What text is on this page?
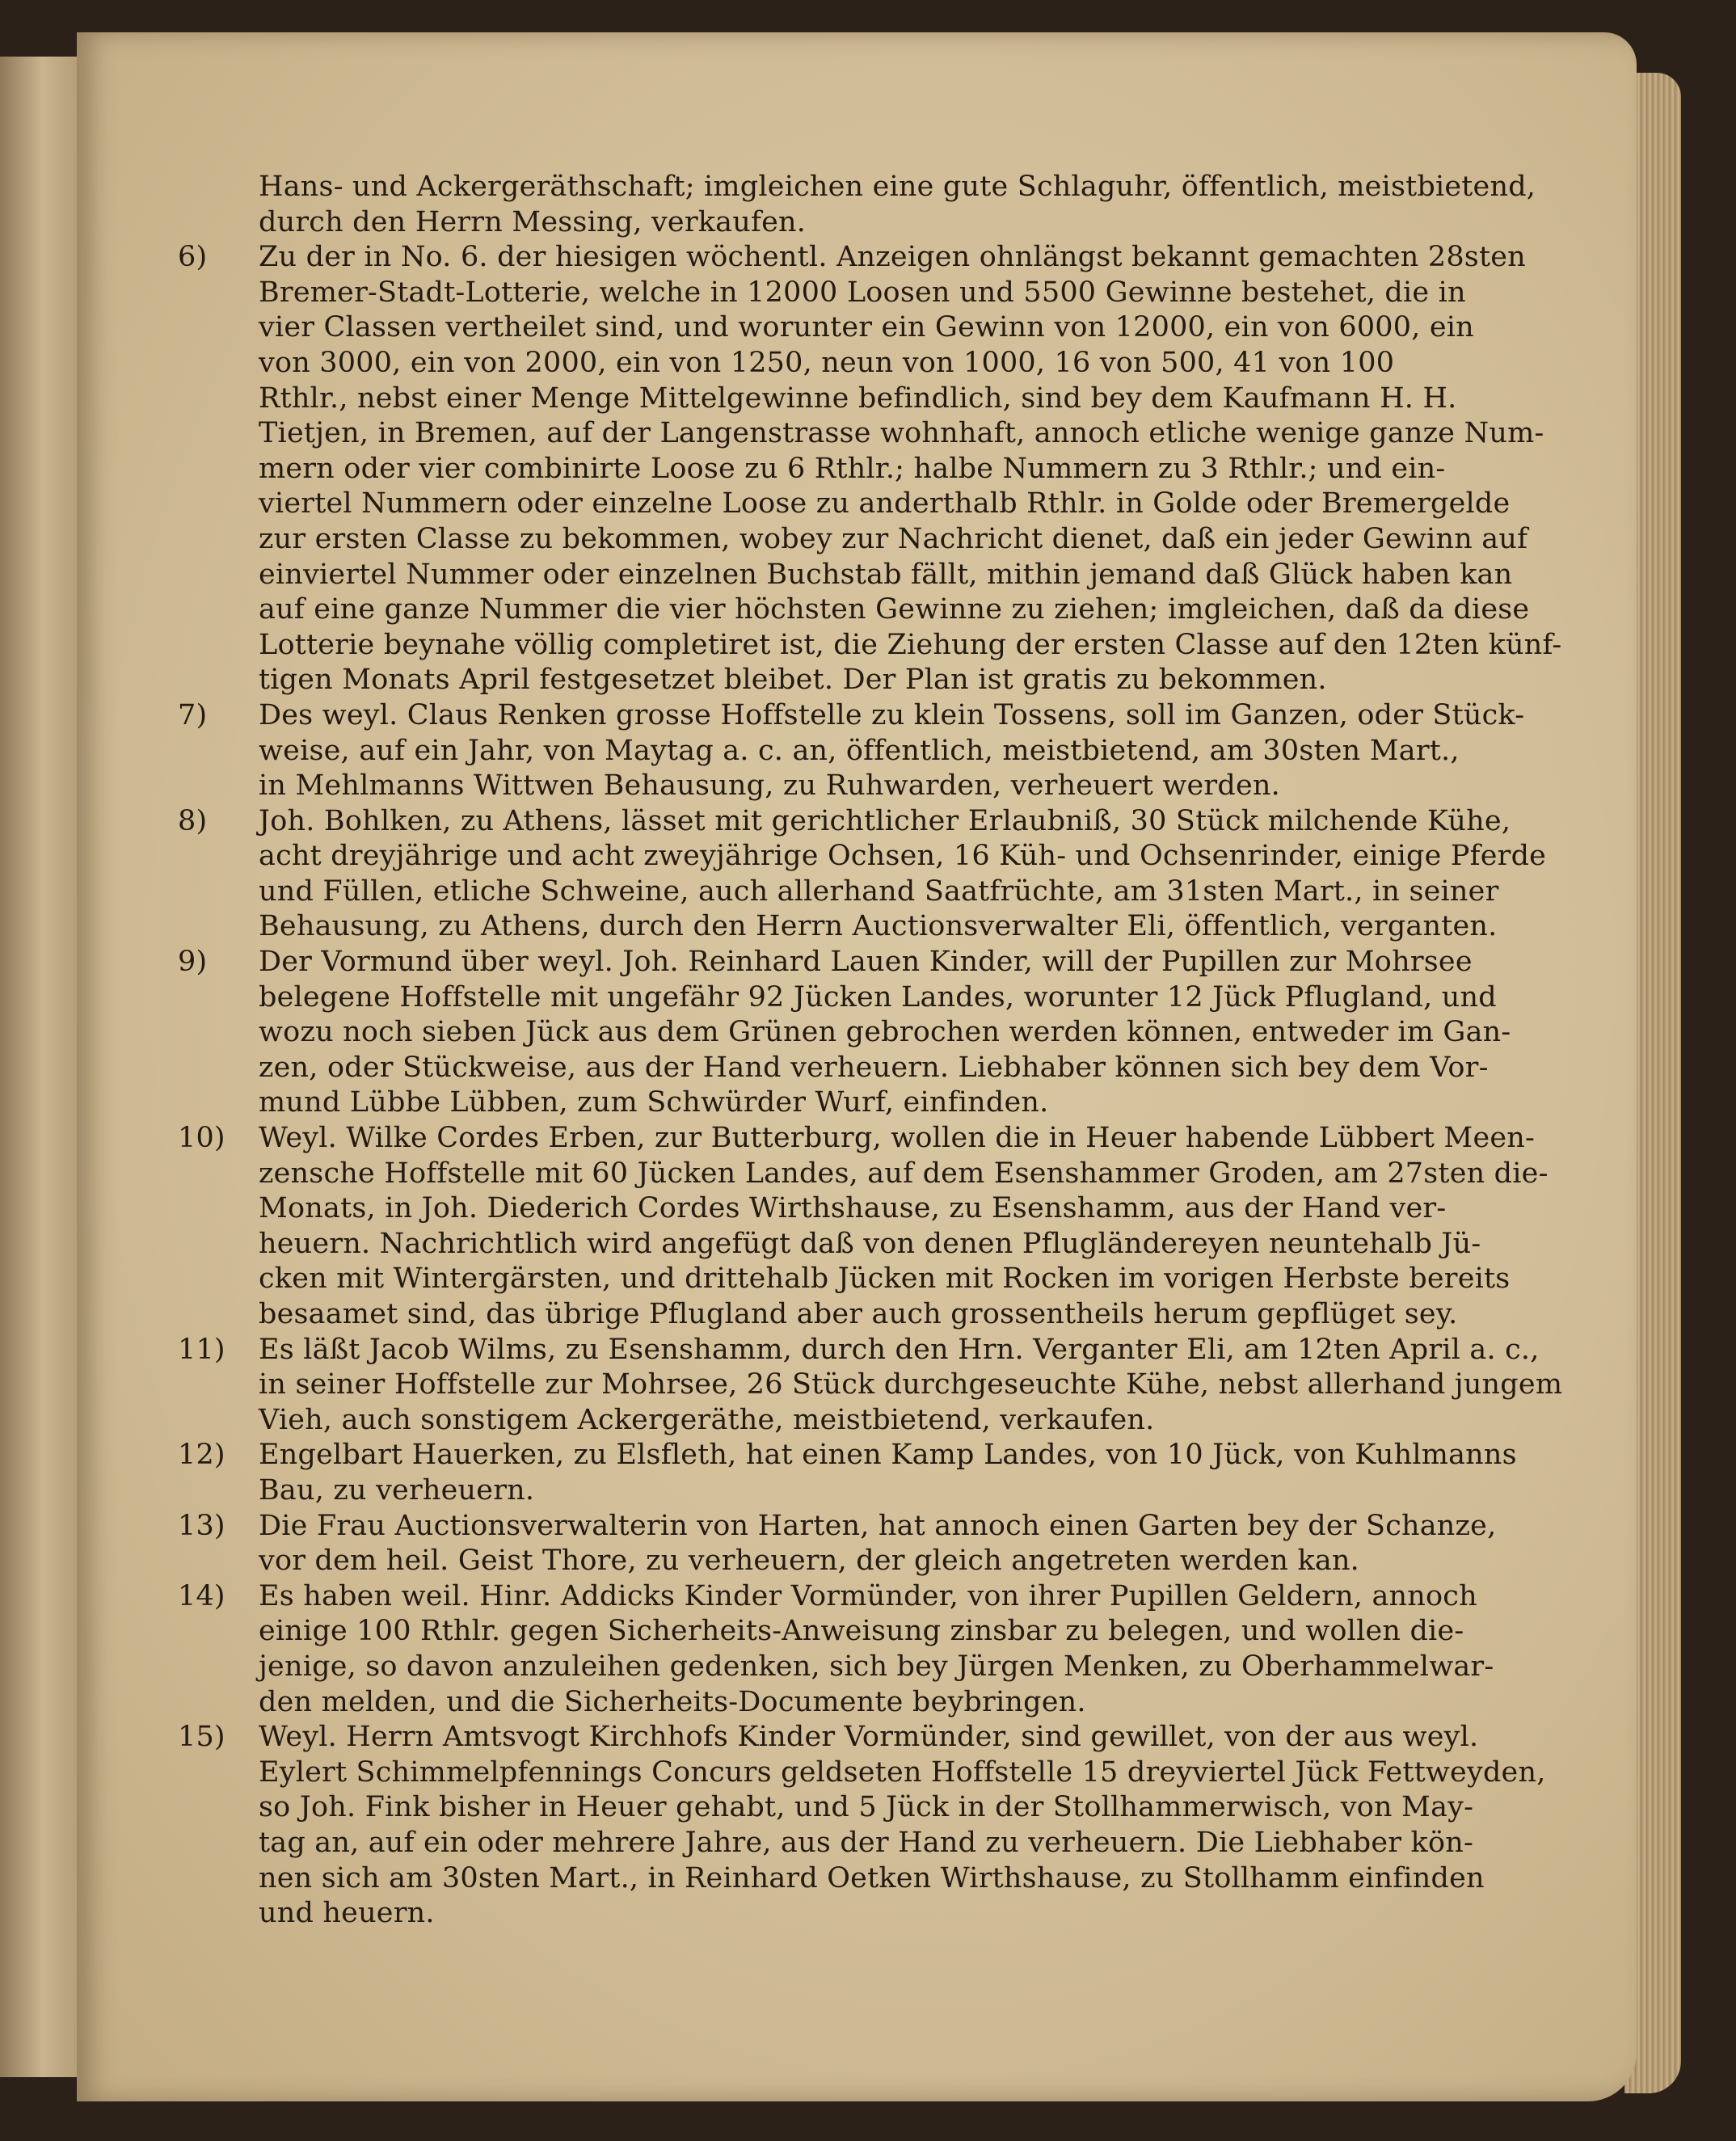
Hans- und Ackergeräthschaft; imgleichen eine gute Schlaguhr, öffentlich, meistbietend,

durch den Herrn Messing, verkaufen.

6)	Zu der in No. 6. der hiesigen wöchentl. Anzeigen ohnlängst bekannt gemachten 28sten

Bremer-Stadt-Lotterie, welche in 12000 Loosen und 5500 Gewinne bestehet, die in

vier Classen vertheilet sind, und worunter ein Gewinn von 12000, ein von 6000, ein

von 3000, ein von 2000, ein von 1250, neun von 1000, 16 von 500, 41 von 100

Rthlr., nebst einer Menge Mittelgewinne befindlich, sind bey dem Kaufmann H. H.

Tietjen, in Bremen, auf der Langenstrasse wohnhaft, annoch etliche wenige ganze Num-

mern oder vier combinirte Loose zu 6 Rthlr.; halbe Nummern zu 3 Rthlr.; und ein-

viertel Nummern oder einzelne Loose zu anderthalb Rthlr. in Golde oder Bremergelde

zur ersten Classe zu bekommen, wobey zur Nachricht dienet, daß ein jeder Gewinn auf

einviertel Nummer oder einzelnen Buchstab fällt, mithin jemand daß Glück haben kan

auf eine ganze Nummer die vier höchsten Gewinne zu ziehen; imgleichen, daß da diese

Lotterie beynahe völlig completiret ist, die Ziehung der ersten Classe auf den 12ten künf-

tigen Monats April festgesetzet bleibet. Der Plan ist gratis zu bekommen.

7)	Des weyl. Claus Renken grosse Hoffstelle zu klein Tossens, soll im Ganzen, oder Stück-

weise, auf ein Jahr, von Maytag a. c. an, öffentlich, meistbietend, am 30sten Mart.,

in Mehlmanns Wittwen Behausung, zu Ruhwarden, verheuert werden.

8)	Joh. Bohlken, zu Athens, lässet mit gerichtlicher Erlaubniß, 30 Stück milchende Kühe,

acht dreyjährige und acht zweyjährige Ochsen, 16 Küh- und Ochsenrinder, einige Pferde

und Füllen, etliche Schweine, auch allerhand Saatfrüchte, am 31sten Mart., in seiner

Behausung, zu Athens, durch den Herrn Auctionsverwalter Eli, öffentlich, verganten.

9)	Der Vormund über weyl. Joh. Reinhard Lauen Kinder, will der Pupillen zur Mohrsee

belegene Hoffstelle mit ungefähr 92 Jücken Landes, worunter 12 Jück Pflugland, und

wozu noch sieben Jück aus dem Grünen gebrochen werden können, entweder im Gan-

zen, oder Stückweise, aus der Hand verheuern. Liebhaber können sich bey dem Vor-

mund Lübbe Lübben, zum Schwürder Wurf, einfinden.

10)	Weyl. Wilke Cordes Erben, zur Butterburg, wollen die in Heuer habende Lübbert Meen-

zensche Hoffstelle mit 60 Jücken Landes, auf dem Esenshammer Groden, am 27sten die-

Monats, in Joh. Diederich Cordes Wirthshause, zu Esenshamm, aus der Hand ver-

heuern. Nachrichtlich wird angefügt daß von denen Pflugländereyen neuntehalb Jü-

cken mit Wintergärsten, und drittehalb Jücken mit Rocken im vorigen Herbste bereits

besaamet sind, das übrige Pflugland aber auch grossentheils herum gepflüget sey.

11)	Es läßt Jacob Wilms, zu Esenshamm, durch den Hrn. Verganter Eli, am 12ten April a. c.,

in seiner Hoffstelle zur Mohrsee, 26 Stück durchgeseuchte Kühe, nebst allerhand jungem

Vieh, auch sonstigem Ackergeräthe, meistbietend, verkaufen.

12)	Engelbart Hauerken, zu Elsfleth, hat einen Kamp Landes, von 10 Jück, von Kuhlmanns

Bau, zu verheuern.

13)	Die Frau Auctionsverwalterin von Harten, hat annoch einen Garten bey der Schanze,

vor dem heil. Geist Thore, zu verheuern, der gleich angetreten werden kan.

14)	Es haben weil. Hinr. Addicks Kinder Vormünder, von ihrer Pupillen Geldern, annoch

einige 100 Rthlr. gegen Sicherheits-Anweisung zinsbar zu belegen, und wollen die-

jenige, so davon anzuleihen gedenken, sich bey Jürgen Menken, zu Oberhammelwar-

den melden, und die Sicherheits-Documente beybringen.

15)	Weyl. Herrn Amtsvogt Kirchhofs Kinder Vormünder, sind gewillet, von der aus weyl.

Eylert Schimmelpfennings Concurs geldseten Hoffstelle 15 dreyviertel Jück Fettweyden,

so Joh. Fink bisher in Heuer gehabt, und 5 Jück in der Stollhammerwisch, von May-

tag an, auf ein oder mehrere Jahre, aus der Hand zu verheuern. Die Liebhaber kön-

nen sich am 30sten Mart., in Reinhard Oetken Wirthshause, zu Stollhamm einfinden

und heuern.
